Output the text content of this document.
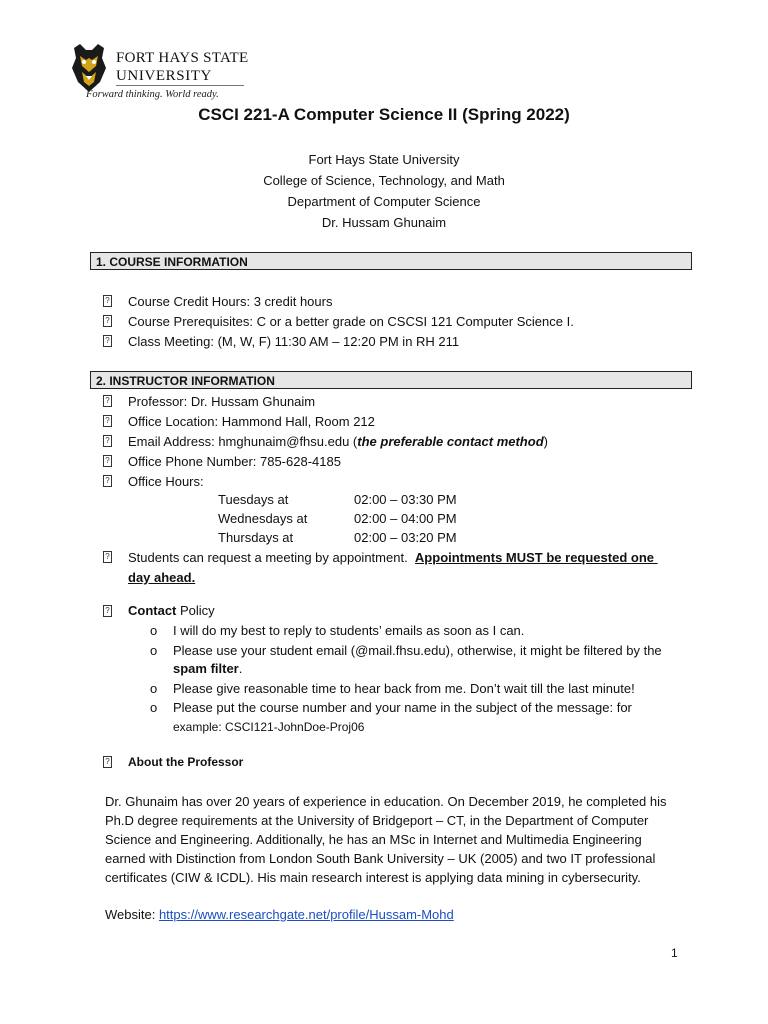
FORT HAYS STATE
UNIVERSITY
Forward thinking. World ready.
CSCI 221-A Computer Science II (Spring 2022)
Fort Hays State University
College of Science, Technology, and Math
Department of Computer Science
Dr. Hussam Ghunaim
1. COURSE INFORMATION
? Course Credit Hours: 3 credit hours
? Course Prerequisites: C or a better grade on CSCSI 121 Computer Science I.
? Class Meeting: (M, W, F) 11:30 AM – 12:20 PM in RH 211
2. INSTRUCTOR INFORMATION
? Professor: Dr. Hussam Ghunaim
? Office Location: Hammond Hall, Room 212
? Email Address: hmghunaim@fhsu.edu (the preferable contact method)
? Office Phone Number: 785-628-4185
? Office Hours:
Tuesdays at	02:00 – 03:30 PM
Wednesdays at	02:00 – 04:00 PM
Thursdays at	02:00 – 03:20 PM
? Students can request a meeting by appointment. Appointments MUST be requested one
day ahead.
? Contact Policy
o I will do my best to reply to students’ emails as soon as I can.
o Please use your student email (@mail.fhsu.edu), otherwise, it might be filtered by the
spam filter.
o Please give reasonable time to hear back from me. Don’t wait till the last minute!
o Please put the course number and your name in the subject of the message: for
example: CSCI121-JohnDoe-Proj06
? About the Professor
Dr. Ghunaim has over 20 years of experience in education. On December 2019, he completed his
Ph.D degree requirements at the University of Bridgeport – CT, in the Department of Computer
Science and Engineering. Additionally, he has an MSc in Internet and Multimedia Engineering
earned with Distinction from London South Bank University – UK (2005) and two IT professional
certificates (CIW & ICDL). His main research interest is applying data mining in cybersecurity.
Website: https://www.researchgate.net/profile/Hussam-Mohd
1
